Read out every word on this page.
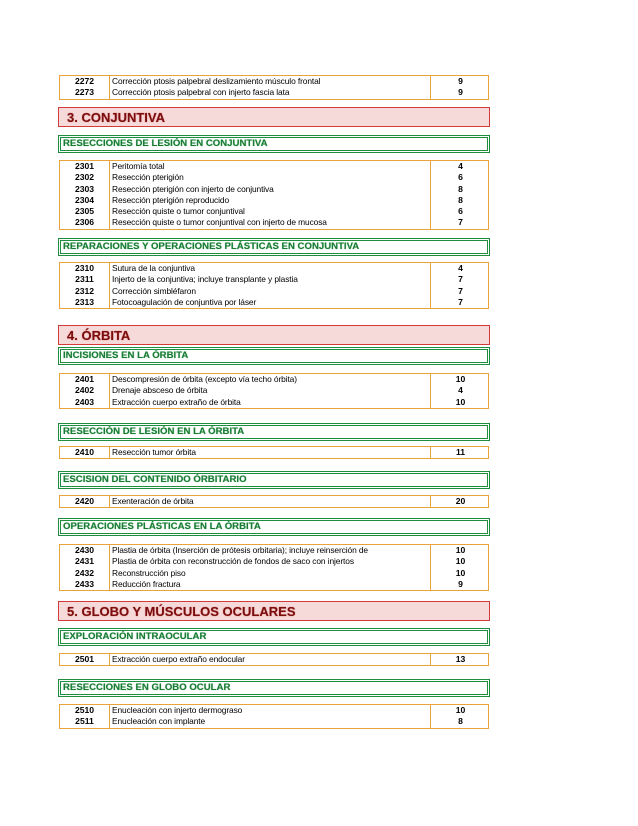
2272	Corrección ptosis palpebral deslizamiento músculo frontal	9
2273	Corrección ptosis palpebral con injerto fascia lata	9
3. CONJUNTIVA
RESECCIONES DE LESIÓN EN CONJUNTIVA
2301	Peritomía total	4
2302	Resección pterigión	6
2303	Resección pterigión con injerto de conjuntiva	8
2304	Resección pterigión reproducido	8
2305	Resección quiste o tumor conjuntival	6
2306	Resección quiste o tumor conjuntival con injerto de mucosa	7
REPARACIONES Y OPERACIONES PLÁSTICAS EN CONJUNTIVA
2310	Sutura de la conjuntiva	4
2311	Injerto de la conjuntiva; incluye transplante y plastia	7
2312	Corrección simbléfaron	7
2313	Fotocoagulación de conjuntiva por láser	7
4. ÓRBITA
INCISIONES EN LA ÓRBITA
2401	Descompresión de órbita (excepto vía techo órbita)	10
2402	Drenaje absceso de órbita	4
2403	Extracción cuerpo extraño de órbita	10
RESECCIÓN DE LESIÓN EN LA ÓRBITA
2410	Resección tumor órbita	11
ESCISION DEL CONTENIDO ÓRBITARIO
2420	Exenteración de órbita	20
OPERACIONES PLÁSTICAS EN LA ÓRBITA
2430	Plastia de órbita (Inserción de prótesis orbitaria); incluye reinserción de	10
2431	Plastia de órbita con reconstrucción de fondos de saco con injertos	10
2432	Reconstrucción piso	10
2433	Reducción fractura	9
5. GLOBO Y MÚSCULOS OCULARES
EXPLORACIÓN INTRAOCULAR
2501	Extracción cuerpo extraño endocular	13
RESECCIONES EN GLOBO OCULAR
2510	Enucleación con injerto dermograso	10
2511	Enucleación con implante	8
